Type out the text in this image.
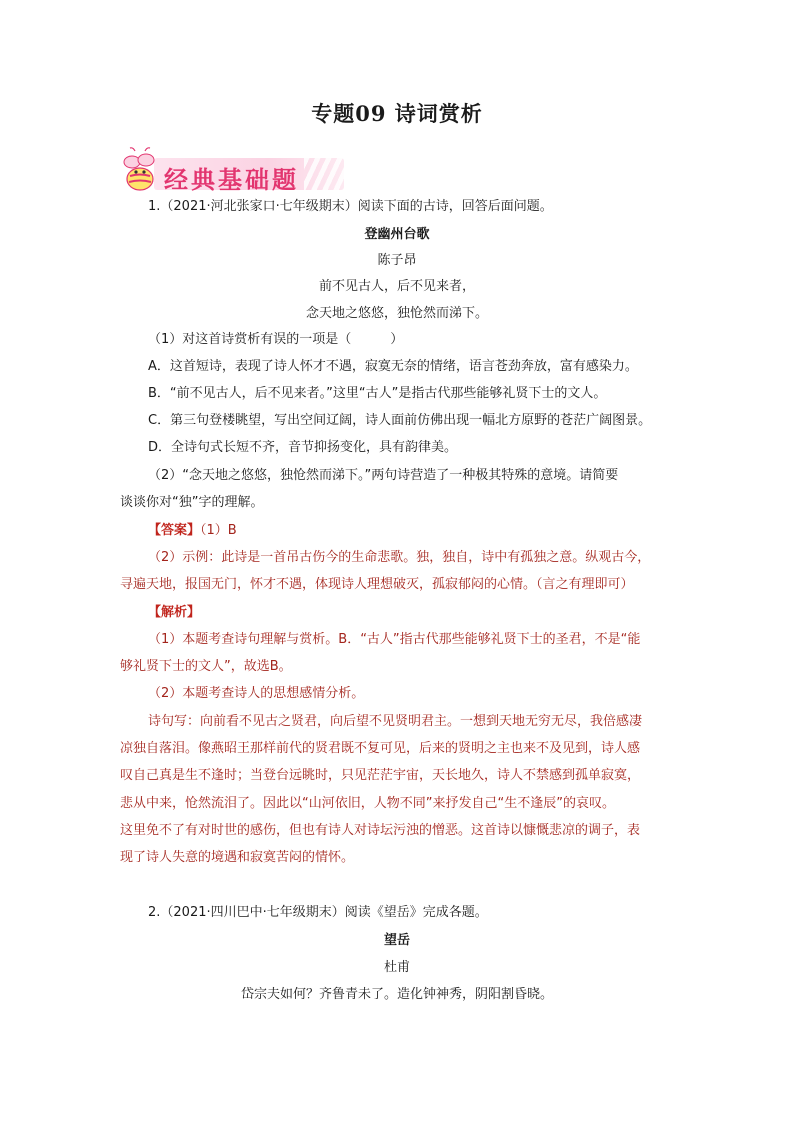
专题09 诗词赏析
经典基础题
1.（2021·河北张家口·七年级期末）阅读下面的古诗，回答后面问题。
登幽州台歌
陈子昂
前不见古人，后不见来者，
念天地之悠悠，独怆然而涕下。
（1）对这首诗赏析有误的一项是（　　　）
A．这首短诗，表现了诗人怀才不遇，寂寞无奈的情绪，语言苍劲奔放，富有感染力。
B．“前不见古人，后不见来者。”这里“古人”是指古代那些能够礼贤下士的文人。
C．第三句登楼眺望，写出空间辽阔，诗人面前仿佛出现一幅北方原野的苍茫广阔图景。
D．全诗句式长短不齐，音节抑扬变化，具有韵律美。
（2）“念天地之悠悠，独怆然而涕下。”两句诗营造了一种极其特殊的意境。请简要
谈谈你对“独”字的理解。
【答案】（1）B
（2）示例：此诗是一首吊古伤今的生命悲歌。独，独自，诗中有孤独之意。纵观古今，
寻遍天地，报国无门，怀才不遇，体现诗人理想破灭，孤寂郁闷的心情。（言之有理即可）
【解析】
（1）本题考查诗句理解与赏析。B．“古人”指古代那些能够礼贤下士的圣君，不是“能
够礼贤下士的文人”，故选B。
（2）本题考查诗人的思想感情分析。
诗句写：向前看不见古之贤君，向后望不见贤明君主。一想到天地无穷无尽，我倍感凄
凉独自落泪。像燕昭王那样前代的贤君既不复可见，后来的贤明之主也来不及见到，诗人感
叹自己真是生不逢时；当登台远眺时，只见茫茫宇宙，天长地久，诗人不禁感到孤单寂寞，
悲从中来，怆然流泪了。因此以“山河依旧，人物不同”来抒发自己“生不逢辰”的哀叹。
这里免不了有对时世的感伤，但也有诗人对诗坛污浊的憎恶。这首诗以慷慨悲凉的调子，表
现了诗人失意的境遇和寂寞苦闷的情怀。
2.（2021·四川巴中·七年级期末）阅读《望岳》完成各题。
望岳
杜甫
岱宗夫如何？齐鲁青未了。造化钟神秀，阴阳割昏晓。
